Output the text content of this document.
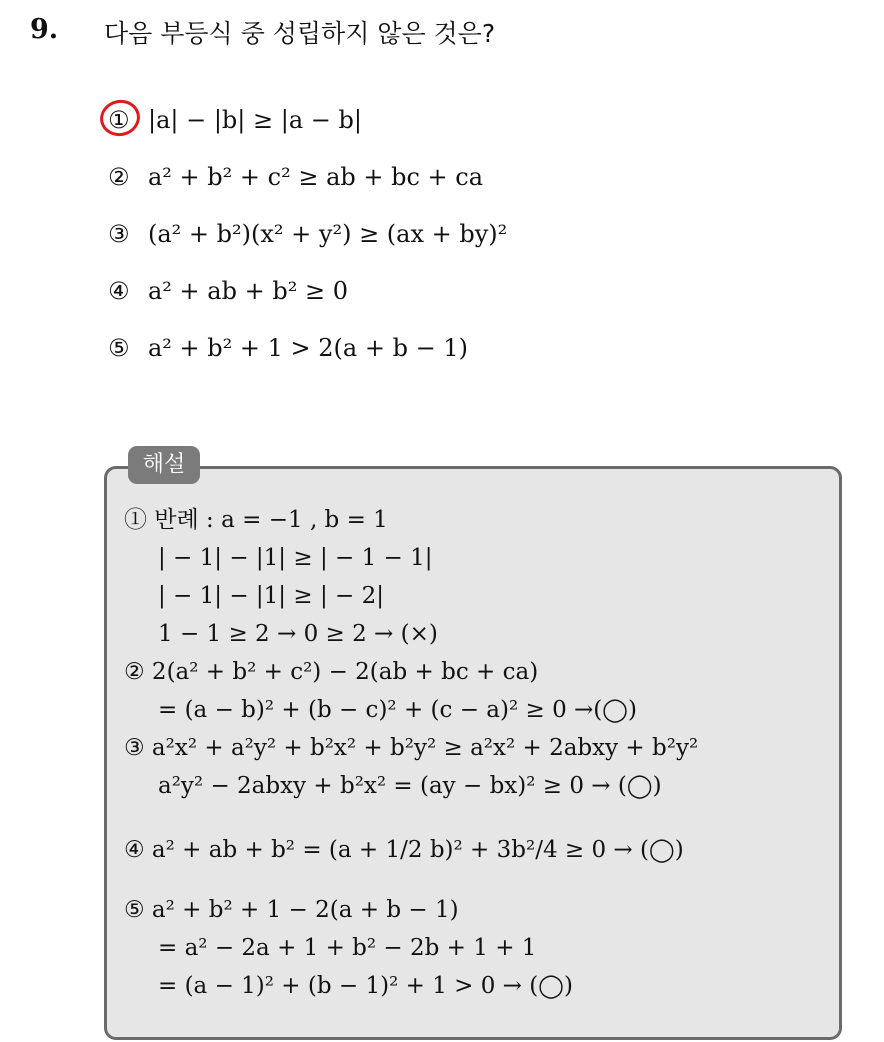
9. 다음 부등식 중 성립하지 않은 것은?
① |a| − |b| ≥ |a − b|
② a² + b² + c² ≥ ab + bc + ca
③ (a² + b²)(x² + y²) ≥ (ax + by)²
④ a² + ab + b² ≥ 0
⑤ a² + b² + 1 > 2(a + b − 1)
해설
① 반례 : a = −1 , b = 1
| − 1| − |1| ≥ | − 1 − 1|
| − 1| − |1| ≥ | − 2|
1 − 1 ≥ 2 → 0 ≥ 2 → (×)
② 2(a² + b² + c²) − 2(ab + bc + ca)
= (a − b)² + (b − c)² + (c − a)² ≥ 0 →(◯)
③ a²x² + a²y² + b²x² + b²y² ≥ a²x² + 2abxy + b²y²
a²y² − 2abxy + b²x² = (ay − bx)² ≥ 0 → (◯)
④ a² + ab + b² = (a + 1/2 b)² + 3b²/4 ≥ 0 → (◯)
⑤ a² + b² + 1 − 2(a + b − 1)
= a² − 2a + 1 + b² − 2b + 1 + 1
= (a − 1)² + (b − 1)² + 1 > 0 → (◯)
